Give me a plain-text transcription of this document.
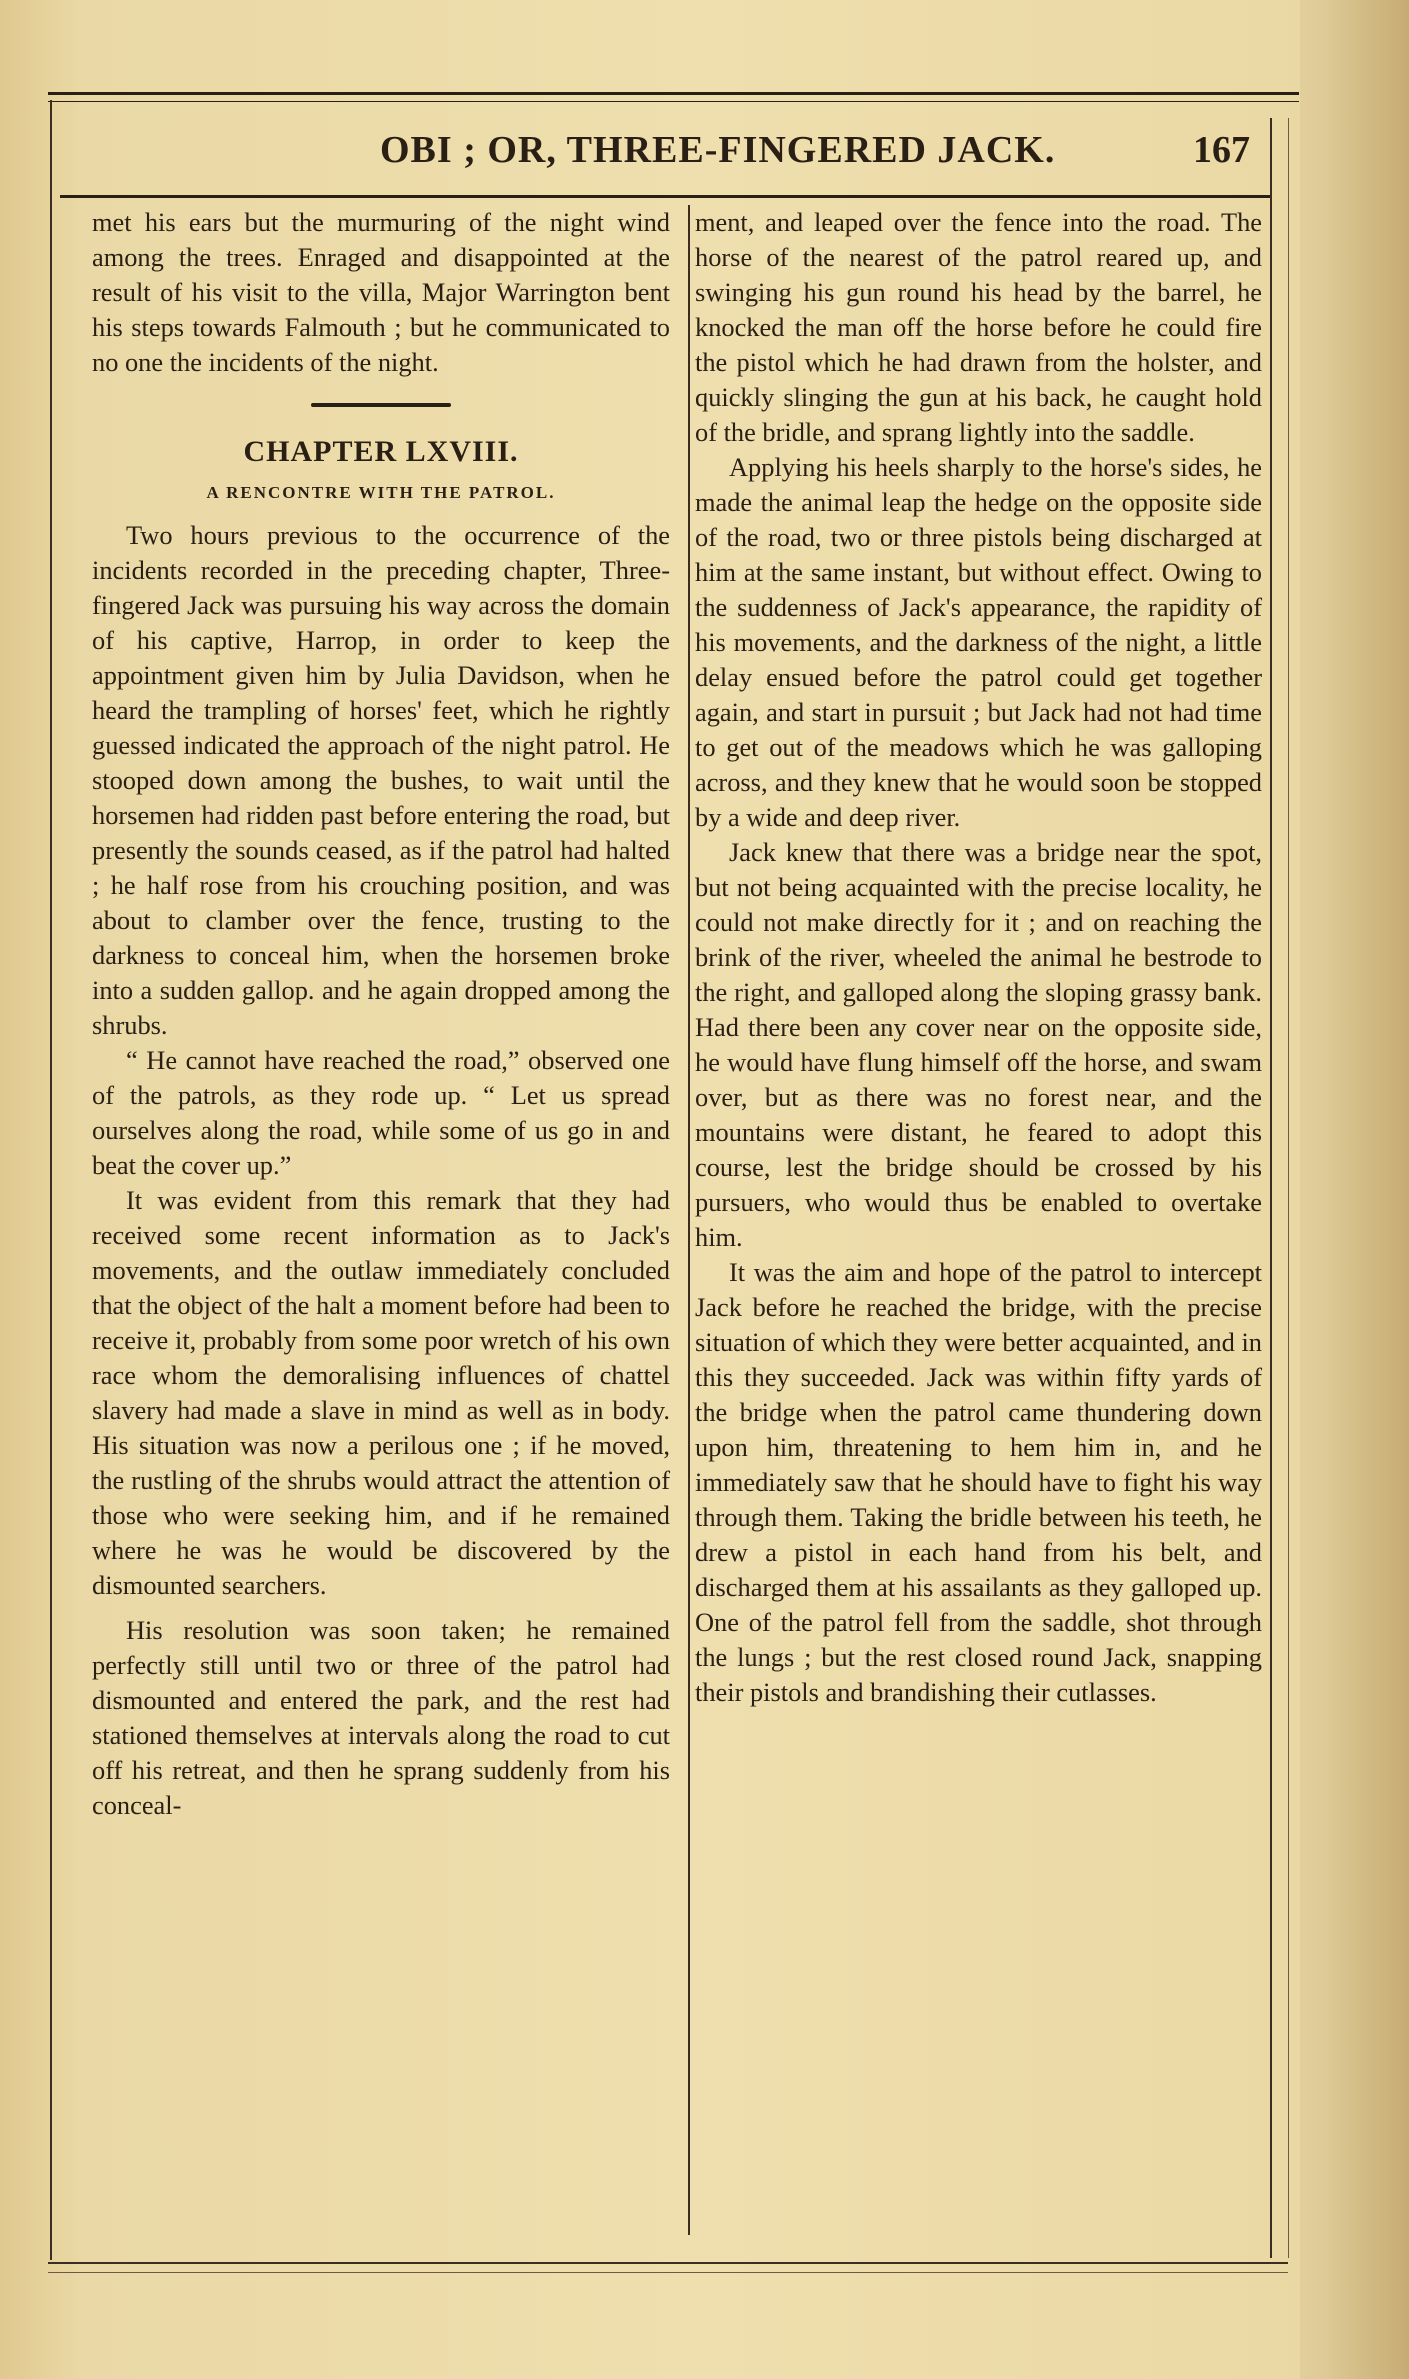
OBI ; OR, THREE-FINGERED JACK.	167

met his ears but the murmuring of the night wind among the trees. Enraged and disappointed at the result of his visit to the villa, Major Warrington bent his steps towards Falmouth ; but he communicated to no one the incidents of the night.

CHAPTER LXVIII.
A RENCONTRE WITH THE PATROL.

Two hours previous to the occurrence of the incidents recorded in the preceding chapter, Three-fingered Jack was pursuing his way across the domain of his captive, Harrop, in order to keep the appointment given him by Julia Davidson, when he heard the trampling of horses' feet, which he rightly guessed indicated the approach of the night patrol. He stooped down among the bushes, to wait until the horsemen had ridden past before entering the road, but presently the sounds ceased, as if the patrol had halted ; he half rose from his crouching position, and was about to clamber over the fence, trusting to the darkness to conceal him, when the horsemen broke into a sudden gallop. and he again dropped among the shrubs.

“ He cannot have reached the road,” observed one of the patrols, as they rode up. “ Let us spread ourselves along the road, while some of us go in and beat the cover up.”

It was evident from this remark that they had received some recent information as to Jack's movements, and the outlaw immediately concluded that the object of the halt a moment before had been to receive it, probably from some poor wretch of his own race whom the demoralising influences of chattel slavery had made a slave in mind as well as in body. His situation was now a perilous one ; if he moved, the rustling of the shrubs would attract the attention of those who were seeking him, and if he remained where he was he would be discovered by the dismounted searchers.

His resolution was soon taken; he remained perfectly still until two or three of the patrol had dismounted and entered the park, and the rest had stationed themselves at intervals along the road to cut off his retreat, and then he sprang suddenly from his conceal-

ment, and leaped over the fence into the road. The horse of the nearest of the patrol reared up, and swinging his gun round his head by the barrel, he knocked the man off the horse before he could fire the pistol which he had drawn from the holster, and quickly slinging the gun at his back, he caught hold of the bridle, and sprang lightly into the saddle.

Applying his heels sharply to the horse's sides, he made the animal leap the hedge on the opposite side of the road, two or three pistols being discharged at him at the same instant, but without effect. Owing to the suddenness of Jack's appearance, the rapidity of his movements, and the darkness of the night, a little delay ensued before the patrol could get together again, and start in pursuit ; but Jack had not had time to get out of the meadows which he was galloping across, and they knew that he would soon be stopped by a wide and deep river.

Jack knew that there was a bridge near the spot, but not being acquainted with the precise locality, he could not make directly for it ; and on reaching the brink of the river, wheeled the animal he bestrode to the right, and galloped along the sloping grassy bank. Had there been any cover near on the opposite side, he would have flung himself off the horse, and swam over, but as there was no forest near, and the mountains were distant, he feared to adopt this course, lest the bridge should be crossed by his pursuers, who would thus be enabled to overtake him.

It was the aim and hope of the patrol to intercept Jack before he reached the bridge, with the precise situation of which they were better acquainted, and in this they succeeded. Jack was within fifty yards of the bridge when the patrol came thundering down upon him, threatening to hem him in, and he immediately saw that he should have to fight his way through them. Taking the bridle between his teeth, he drew a pistol in each hand from his belt, and discharged them at his assailants as they galloped up. One of the patrol fell from the saddle, shot through the lungs ; but the rest closed round Jack, snapping their pistols and brandishing their cutlasses.
